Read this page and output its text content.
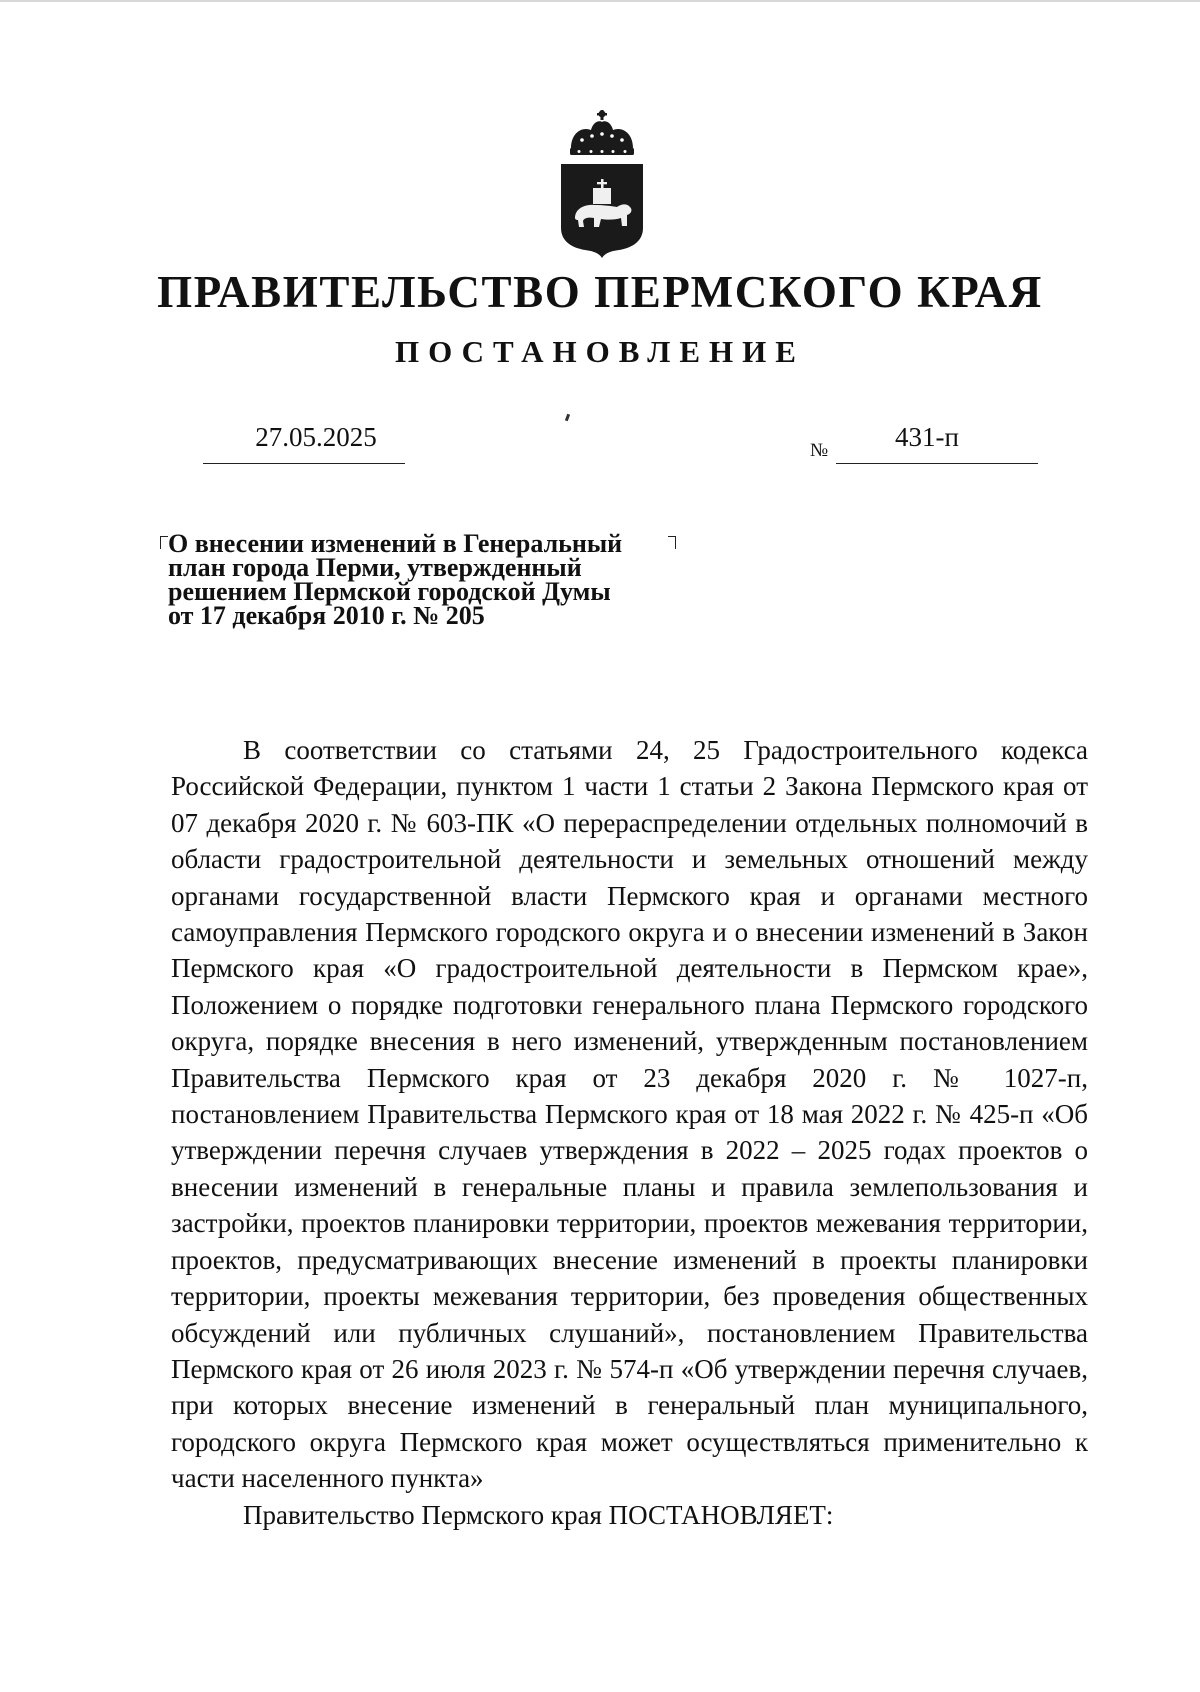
ПРАВИТЕЛЬСТВО ПЕРМСКОГО КРАЯ
ПОСТАНОВЛЕНИЕ
27.05.2025	№	431-п
О внесении изменений в Генеральный
план города Перми, утвержденный
решением Пермской городской Думы
от 17 декабря 2010 г. № 205

В соответствии со статьями 24, 25 Градостроительного кодекса Российской Федерации, пунктом 1 части 1 статьи 2 Закона Пермского края от 07 декабря 2020 г. № 603-ПК «О перераспределении отдельных полномочий в области градостроительной деятельности и земельных отношений между органами государственной власти Пермского края и органами местного самоуправления Пермского городского округа и о внесении изменений в Закон Пермского края «О градостроительной деятельности в Пермском крае», Положением о порядке подготовки генерального плана Пермского городского округа, порядке внесения в него изменений, утвержденным постановлением Правительства Пермского края от 23 декабря 2020 г. № 1027-п, постановлением Правительства Пермского края от 18 мая 2022 г. № 425-п «Об утверждении перечня случаев утверждения в 2022 – 2025 годах проектов о внесении изменений в генеральные планы и правила землепользования и застройки, проектов планировки территории, проектов межевания территории, проектов, предусматривающих внесение изменений в проекты планировки территории, проекты межевания территории, без проведения общественных обсуждений или публичных слушаний», постановлением Правительства Пермского края от 26 июля 2023 г. № 574-п «Об утверждении перечня случаев, при которых внесение изменений в генеральный план муниципального, городского округа Пермского края может осуществляться применительно к части населенного пункта»

Правительство Пермского края ПОСТАНОВЛЯЕТ:
